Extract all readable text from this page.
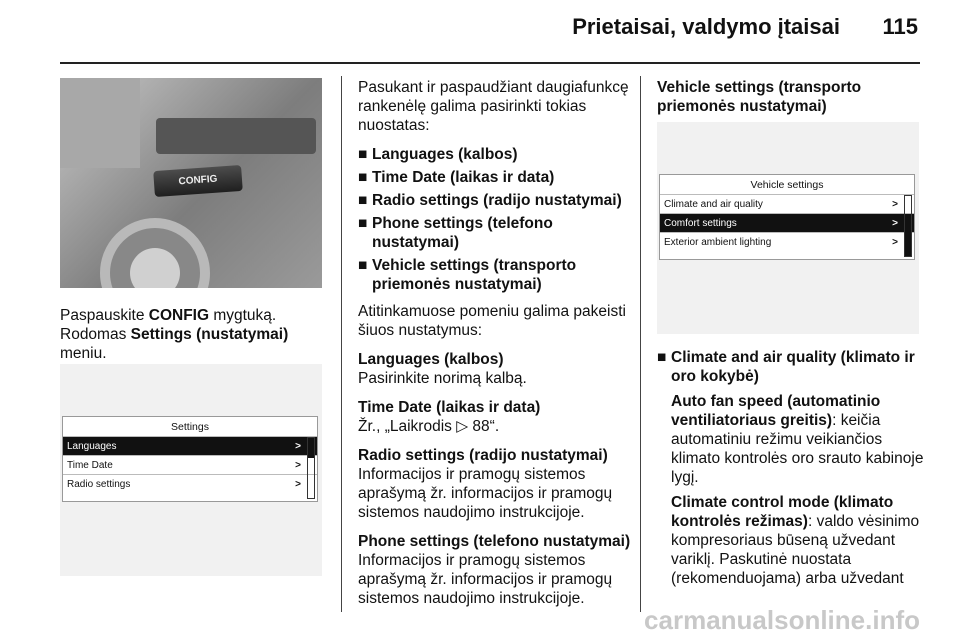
Prietaisai, valdymo įtaisai 115
CONFIG

Paspauskite CONFIG mygtuką.
Rodomas Settings (nustatymai)
meniu.

Settings
Languages	>
Time Date	>
Radio settings	>

Pasukant ir paspaudžiant daugiafunkcę rankenėlę galima pasirinkti tokias nuostatas:

■ Languages (kalbos)
■ Time Date (laikas ir data)
■ Radio settings (radijo nustatymai)
■ Phone settings (telefono nustatymai)
■ Vehicle settings (transporto priemonės nustatymai)

Atitinkamuose pomeniu galima pakeisti šiuos nustatymus:

Languages (kalbos)
Pasirinkite norimą kalbą.

Time Date (laikas ir data)
Žr., „Laikrodis ▷ 88“.

Radio settings (radijo nustatymai)
Informacijos ir pramogų sistemos aprašymą žr. informacijos ir pramogų sistemos naudojimo instrukcijoje.

Phone settings (telefono nustatymai)
Informacijos ir pramogų sistemos aprašymą žr. informacijos ir pramogų sistemos naudojimo instrukcijoje.

Vehicle settings (transporto priemonės nustatymai)

Vehicle settings
Climate and air quality	>
Comfort settings	>
Exterior ambient lighting	>
■ Climate and air quality (klimato ir oro kokybė)
Auto fan speed (automatinio ventiliatoriaus greitis): keičia automatiniu režimu veikiančios klimato kontrolės oro srauto kabinoje lygį.
Climate control mode (klimato kontrolės režimas): valdo vėsinimo kompresoriaus būseną užvedant variklį. Paskutinė nuostata (rekomenduojama) arba užvedant
carmanualsonline.info
